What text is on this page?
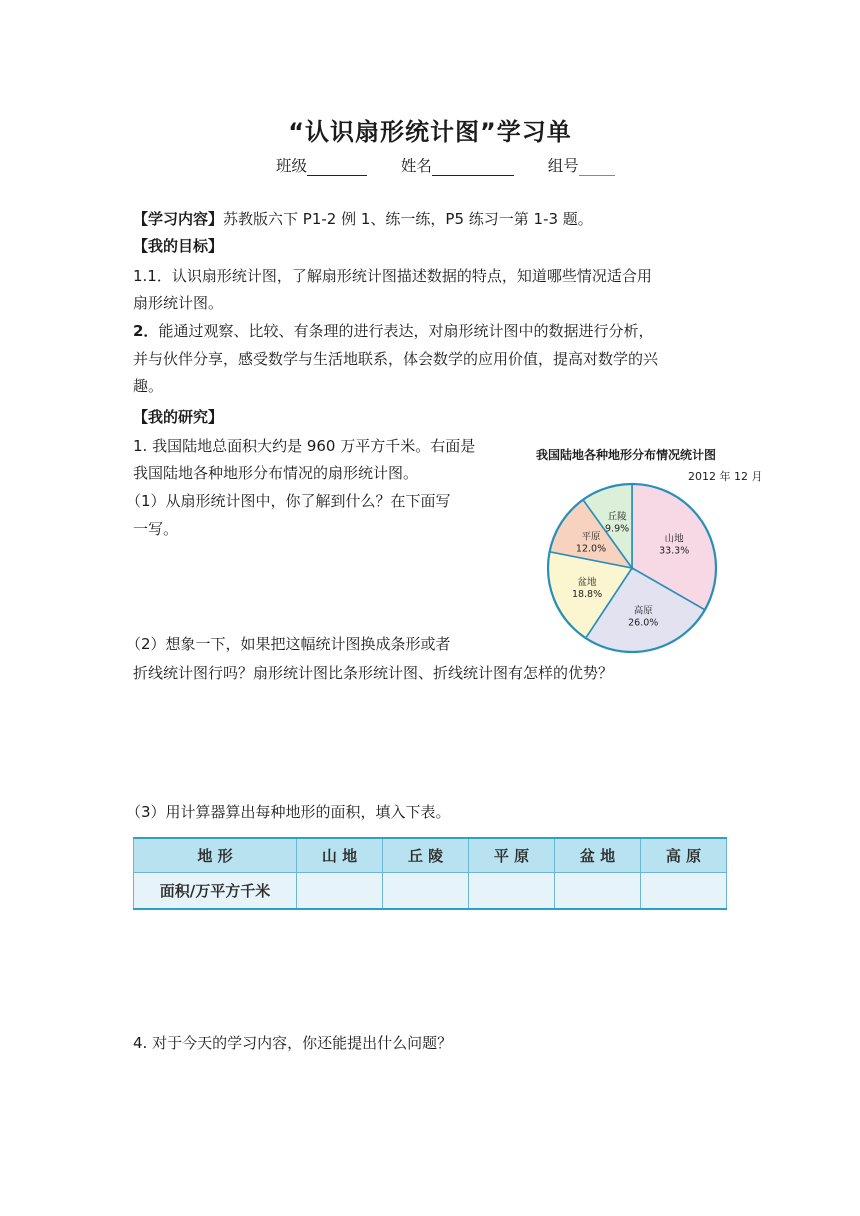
“认识扇形统计图”学习单
班级	姓名	组号
【学习内容】苏教版六下 P1-2 例 1、练一练，P5 练习一第 1-3 题。
【我的目标】
1.1．认识扇形统计图，了解扇形统计图描述数据的特点，知道哪些情况适合用
扇形统计图。
2．能通过观察、比较、有条理的进行表达，对扇形统计图中的数据进行分析，
并与伙伴分享，感受数学与生活地联系，体会数学的应用价值，提高对数学的兴
趣。
【我的研究】
1. 我国陆地总面积大约是 960 万平方千米。右面是
我国陆地各种地形分布情况的扇形统计图。
（1）从扇形统计图中，你了解到什么？在下面写
一写。
（2）想象一下，如果把这幅统计图换成条形或者
折线统计图行吗？扇形统计图比条形统计图、折线统计图有怎样的优势？
（3）用计算器算出每种地形的面积，填入下表。
4. 对于今天的学习内容，你还能提出什么问题？
我国陆地各种地形分布情况统计图
2012 年 12 月
山地
33.3%
高原
26.0%
盆地
18.8%
平原
12.0%
丘陵
9.9%
地 形	山 地	丘 陵	平 原	盆 地	高 原
面积/万平方千米					
